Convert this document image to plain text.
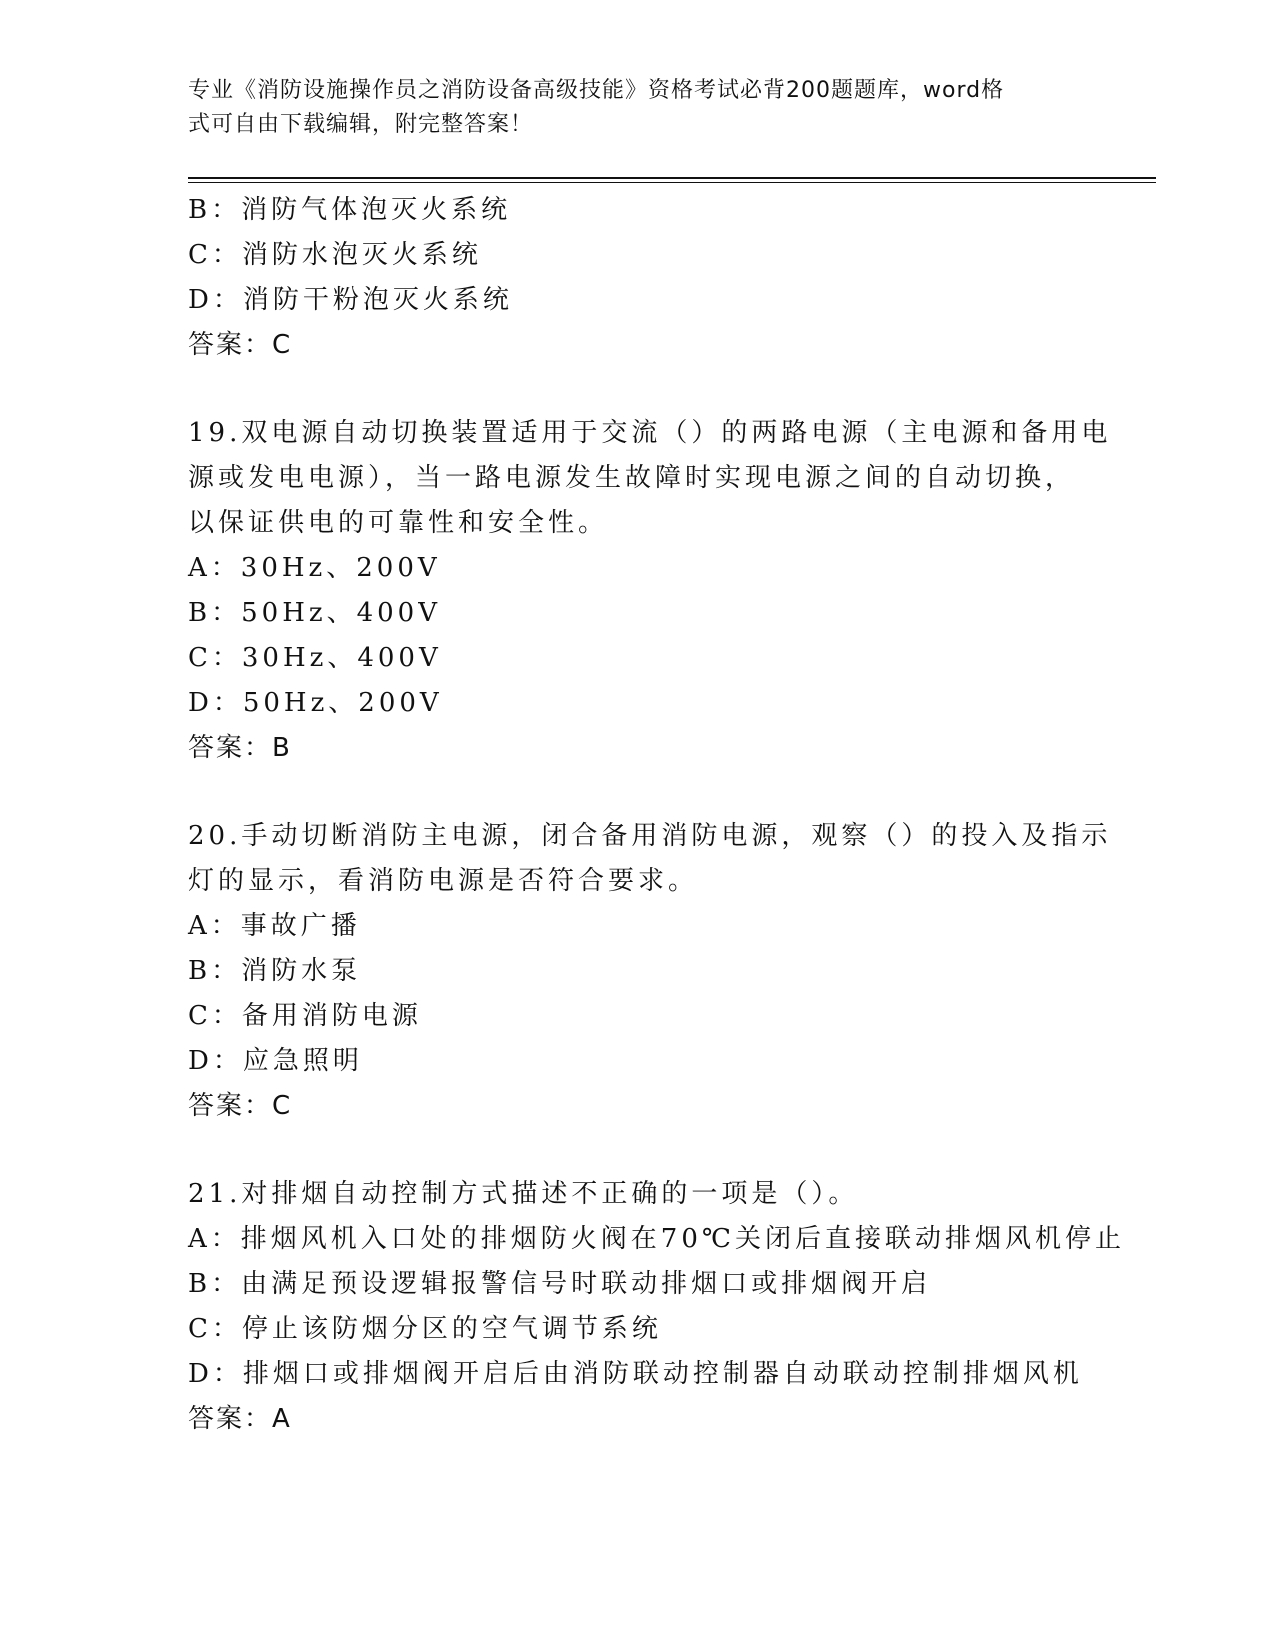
专业《消防设施操作员之消防设备高级技能》资格考试必背200题题库，word格
式可自由下载编辑，附完整答案！
B：消防气体泡灭火系统
C：消防水泡灭火系统
D：消防干粉泡灭火系统
答案：C
19.双电源自动切换装置适用于交流（）的两路电源（主电源和备用电
源或发电电源），当一路电源发生故障时实现电源之间的自动切换，
以保证供电的可靠性和安全性。
A：30Hz、200V
B：50Hz、400V
C：30Hz、400V
D：50Hz、200V
答案：B
20.手动切断消防主电源，闭合备用消防电源，观察（）的投入及指示
灯的显示，看消防电源是否符合要求。
A：事故广播
B：消防水泵
C：备用消防电源
D：应急照明
答案：C
21.对排烟自动控制方式描述不正确的一项是（）。
A：排烟风机入口处的排烟防火阀在70℃关闭后直接联动排烟风机停止
B：由满足预设逻辑报警信号时联动排烟口或排烟阀开启
C：停止该防烟分区的空气调节系统
D：排烟口或排烟阀开启后由消防联动控制器自动联动控制排烟风机
答案：A
